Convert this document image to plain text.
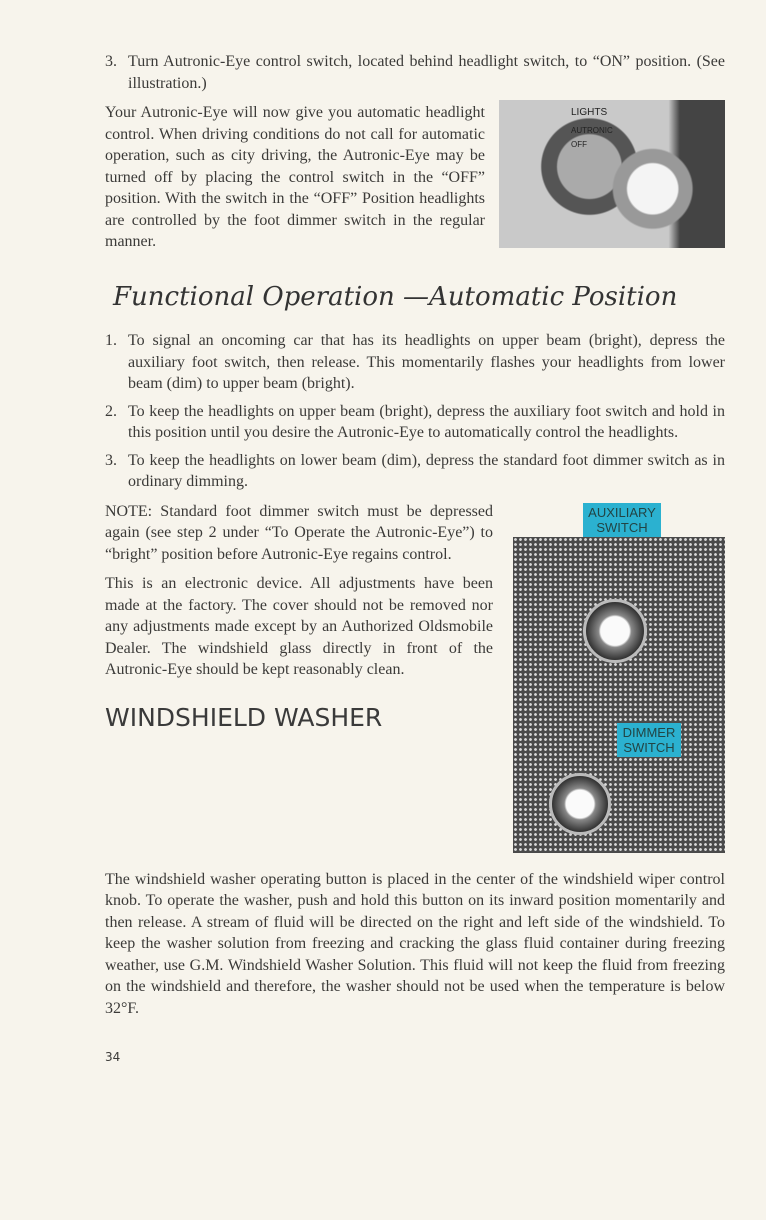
3. Turn Autronic-Eye control switch, located behind headlight switch, to “ON” position. (See illustration.)
LIGHTS
AUTRONIC
OFF
Your Autronic-Eye will now give you automatic headlight control. When driving conditions do not call for automatic operation, such as city driving, the Autronic-Eye may be turned off by placing the control switch in the “OFF” position. With the switch in the “OFF” Position headlights are controlled by the foot dimmer switch in the regular manner.
Functional Operation —Automatic Position
1. To signal an oncoming car that has its headlights on upper beam (bright), depress the auxiliary foot switch, then release. This momentarily flashes your headlights from lower beam (dim) to upper beam (bright).
2. To keep the headlights on upper beam (bright), depress the auxiliary foot switch and hold in this position until you desire the Autronic-Eye to automatically control the headlights.
3. To keep the headlights on lower beam (dim), depress the standard foot dimmer switch as in ordinary dimming.
AUXILIARY SWITCH
DIMMER SWITCH
NOTE: Standard foot dimmer switch must be depressed again (see step 2 under “To Operate the Autronic-Eye”) to “bright” position before Autronic-Eye regains control.
This is an electronic device. All adjustments have been made at the factory. The cover should not be removed nor any adjustments made except by an Authorized Oldsmobile Dealer. The windshield glass directly in front of the Autronic-Eye should be kept reasonably clean.
WINDSHIELD WASHER
The windshield washer operating button is placed in the center of the windshield wiper control knob. To operate the washer, push and hold this button on its inward position momentarily and then release. A stream of fluid will be directed on the right and left side of the windshield. To keep the washer solution from freezing and cracking the glass fluid container during freezing weather, use G.M. Windshield Washer Solution. This fluid will not keep the fluid from freezing on the windshield and therefore, the washer should not be used when the temperature is below 32°F.
34
